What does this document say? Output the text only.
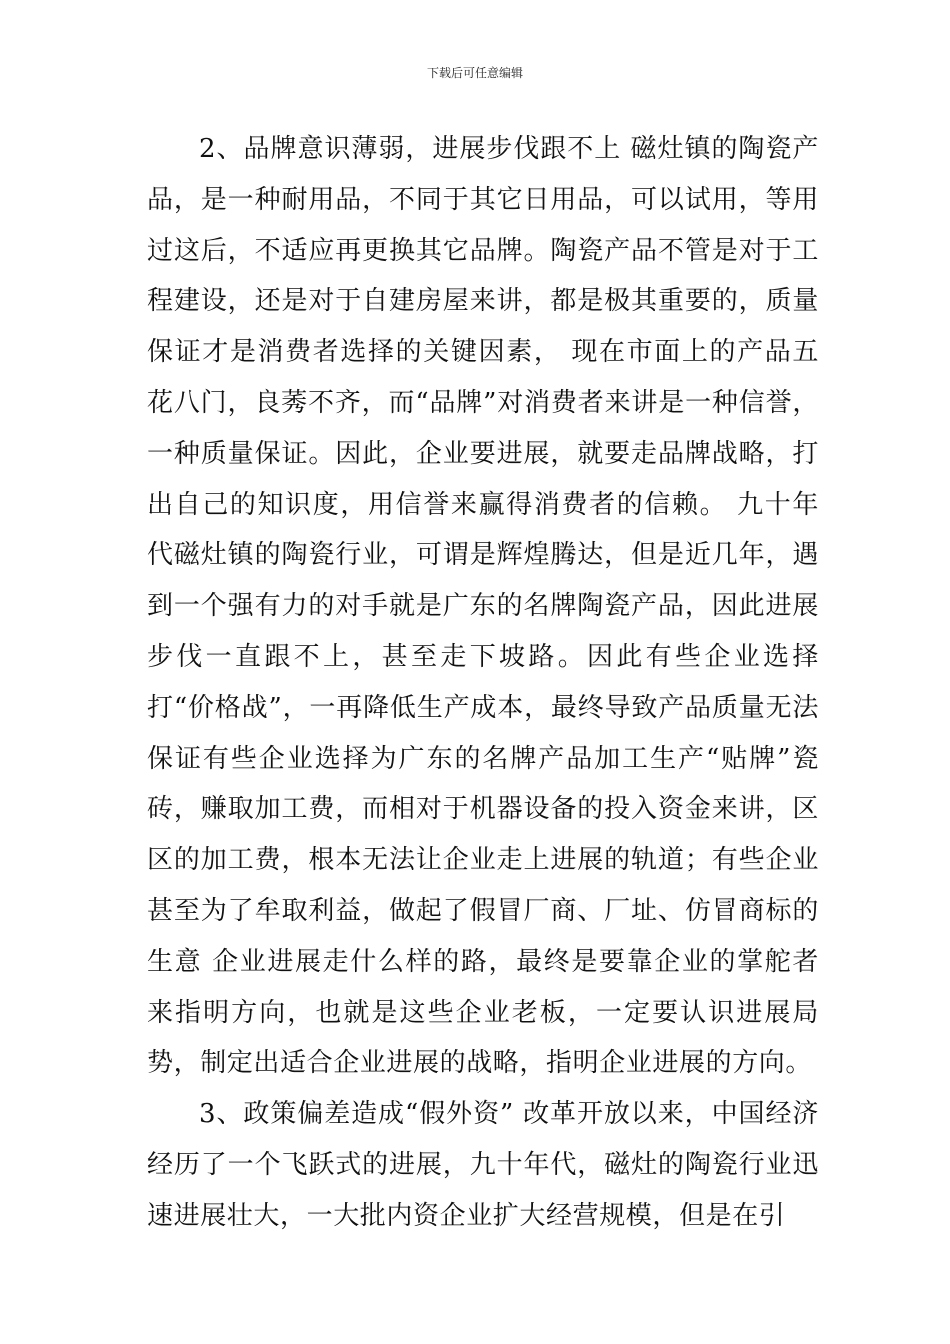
下载后可任意编辑

2、品牌意识薄弱，进展步伐跟不上 磁灶镇的陶瓷产品，是一种耐用品，不同于其它日用品，可以试用，等用过这后，不适应再更换其它品牌。陶瓷产品不管是对于工程建设，还是对于自建房屋来讲，都是极其重要的，质量保证才是消费者选择的关键因素， 现在市面上的产品五花八门，良莠不齐，而“品牌”对消费者来讲是一种信誉，一种质量保证。因此，企业要进展，就要走品牌战略，打出自己的知识度，用信誉来赢得消费者的信赖。 九十年代磁灶镇的陶瓷行业，可谓是辉煌腾达，但是近几年，遇到一个强有力的对手就是广东的名牌陶瓷产品，因此进展步伐一直跟不上，甚至走下坡路。因此有些企业选择打“价格战”，一再降低生产成本，最终导致产品质量无法保证有些企业选择为广东的名牌产品加工生产“贴牌”瓷砖，赚取加工费，而相对于机器设备的投入资金来讲，区区的加工费，根本无法让企业走上进展的轨道；有些企业甚至为了牟取利益，做起了假冒厂商、厂址、仿冒商标的生意 企业进展走什么样的路，最终是要靠企业的掌舵者来指明方向，也就是这些企业老板，一定要认识进展局势，制定出适合企业进展的战略，指明企业进展的方向。

3、政策偏差造成“假外资” 改革开放以来，中国经济经历了一个飞跃式的进展，九十年代，磁灶的陶瓷行业迅速进展壮大，一大批内资企业扩大经营规模，但是在引
